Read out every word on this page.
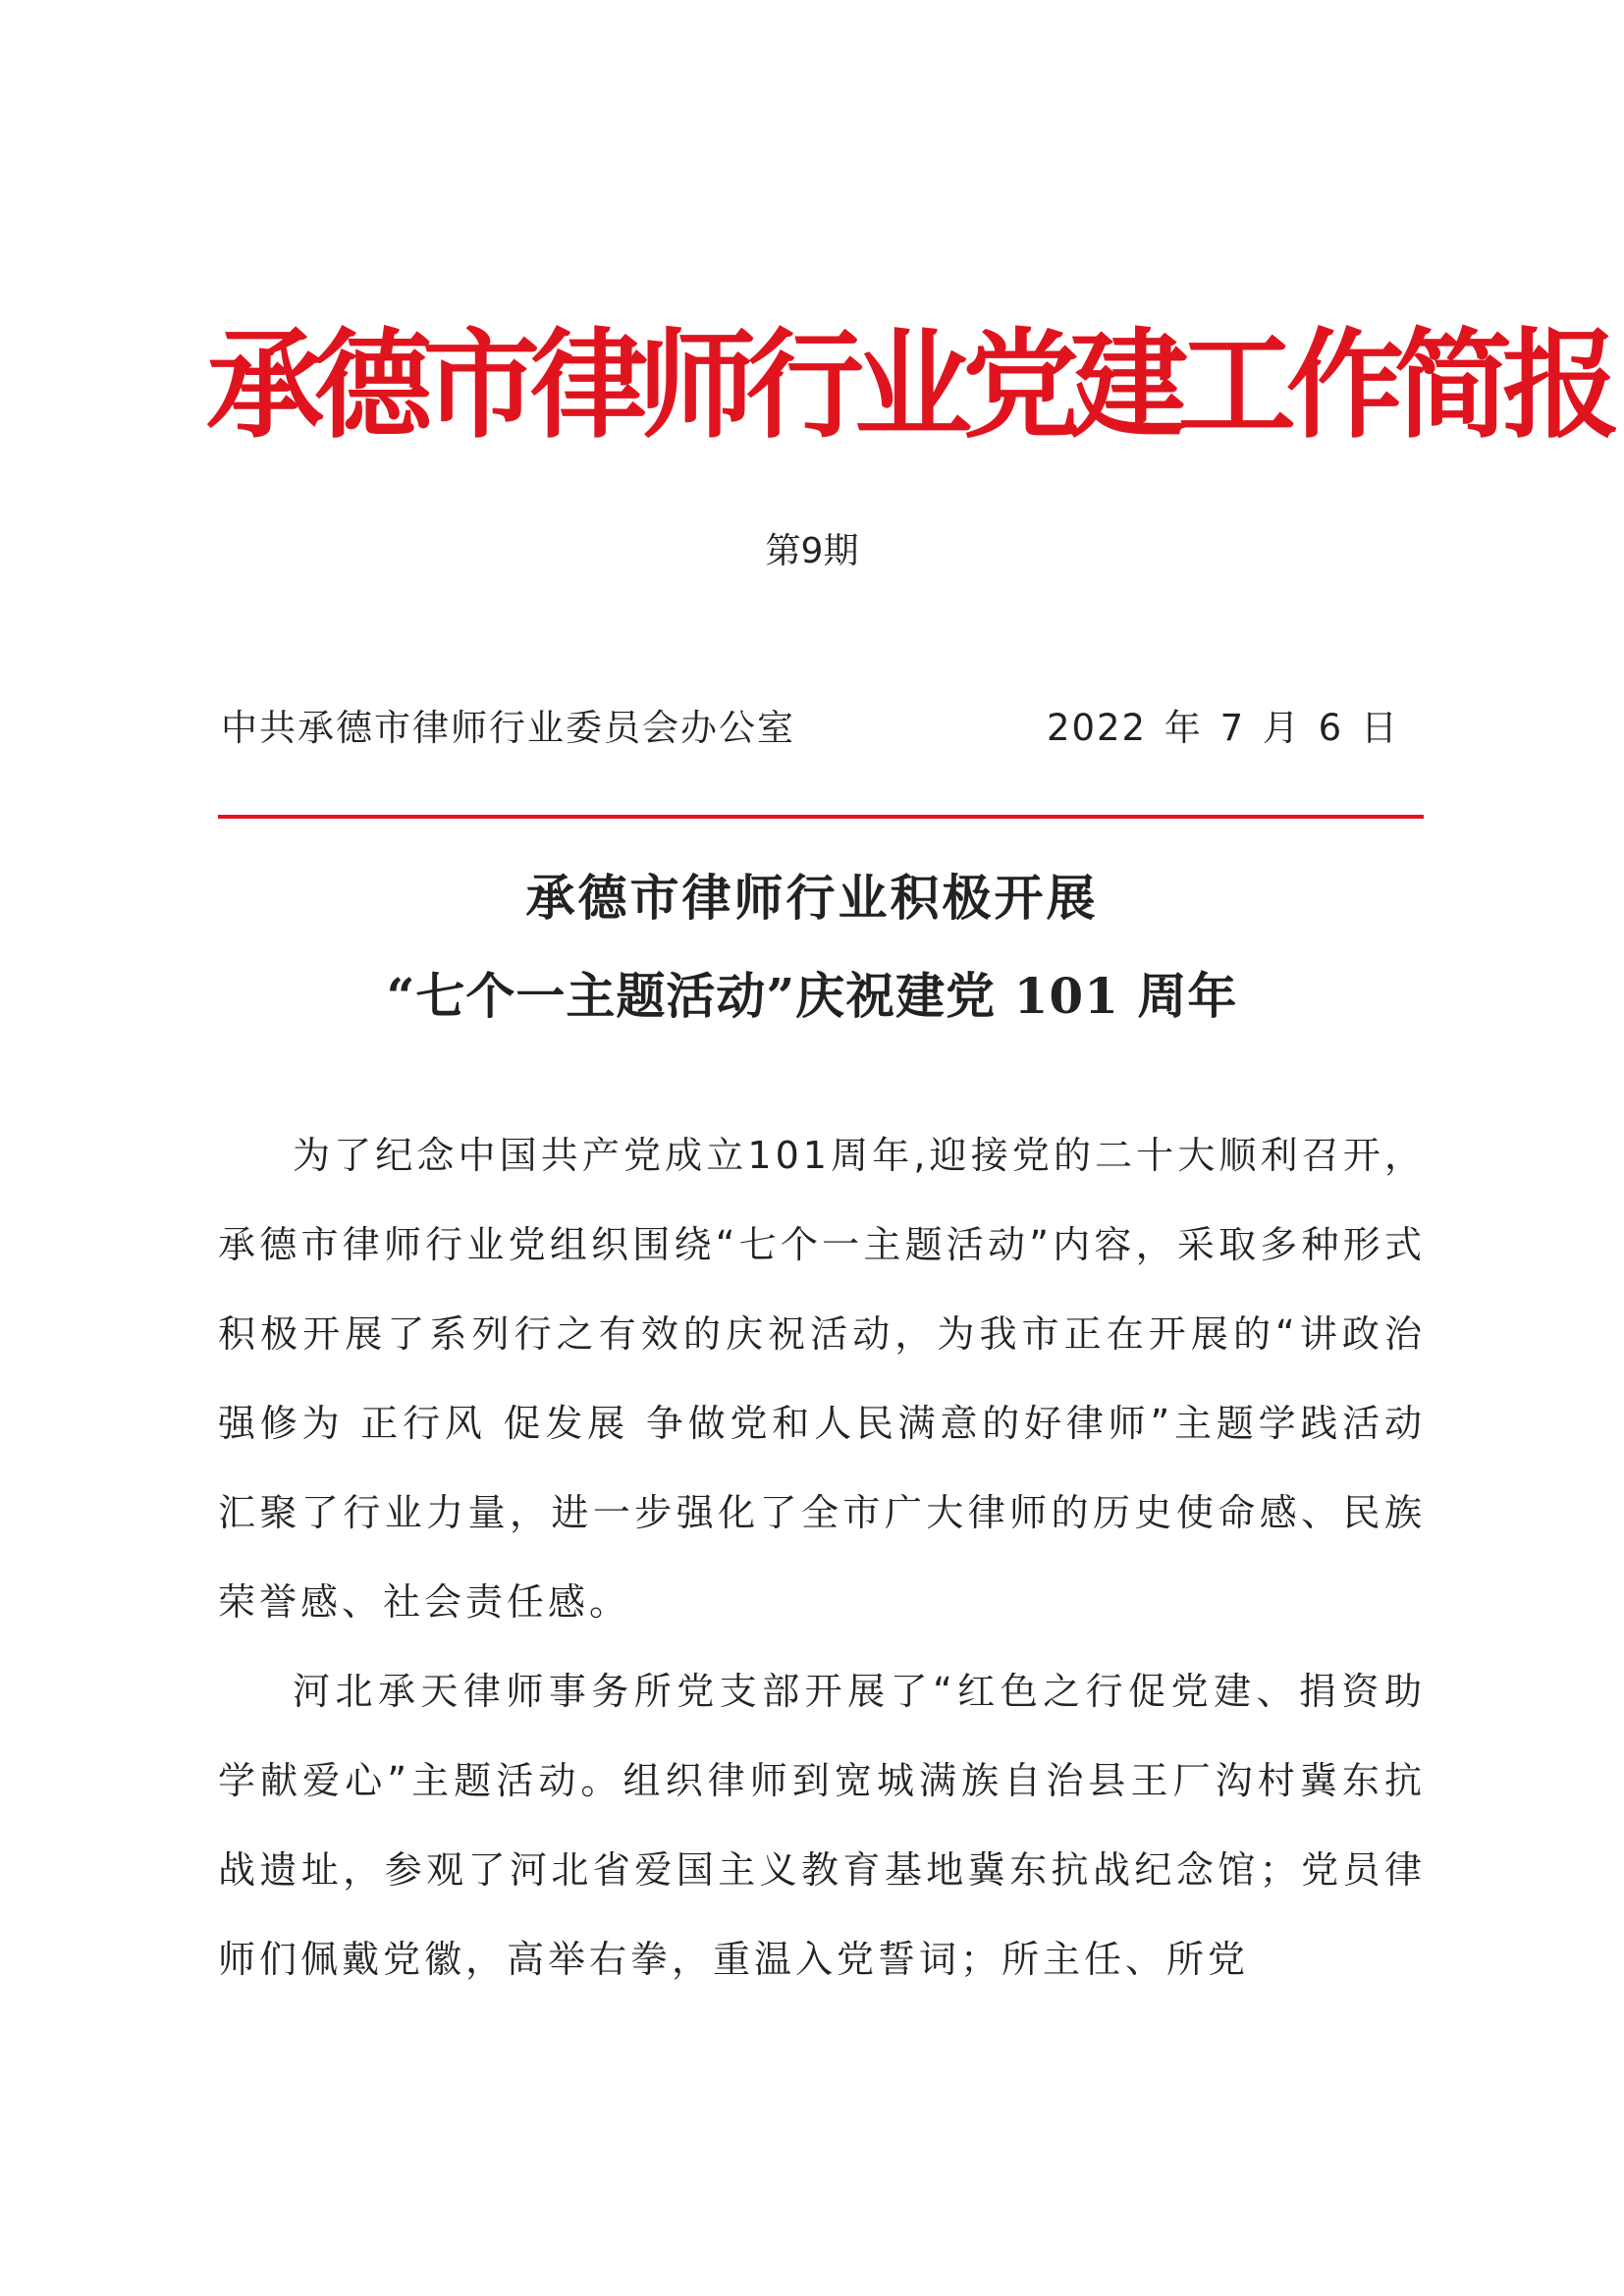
承德市律师行业党建工作简报
第9期
中共承德市律师行业委员会办公室	2022 年 7 月 6 日
承德市律师行业积极开展
“七个一主题活动”庆祝建党 101 周年

为了纪念中国共产党成立101周年,迎接党的二十大顺利召开，承德市律师行业党组织围绕“七个一主题活动”内容，采取多种形式积极开展了系列行之有效的庆祝活动，为我市正在开展的“讲政治 强修为 正行风 促发展 争做党和人民满意的好律师”主题学践活动汇聚了行业力量，进一步强化了全市广大律师的历史使命感、民族荣誉感、社会责任感。

河北承天律师事务所党支部开展了“红色之行促党建、捐资助学献爱心”主题活动。组织律师到宽城满族自治县王厂沟村冀东抗战遗址，参观了河北省爱国主义教育基地冀东抗战纪念馆；党员律师们佩戴党徽，高举右拳，重温入党誓词；所主任、所党
